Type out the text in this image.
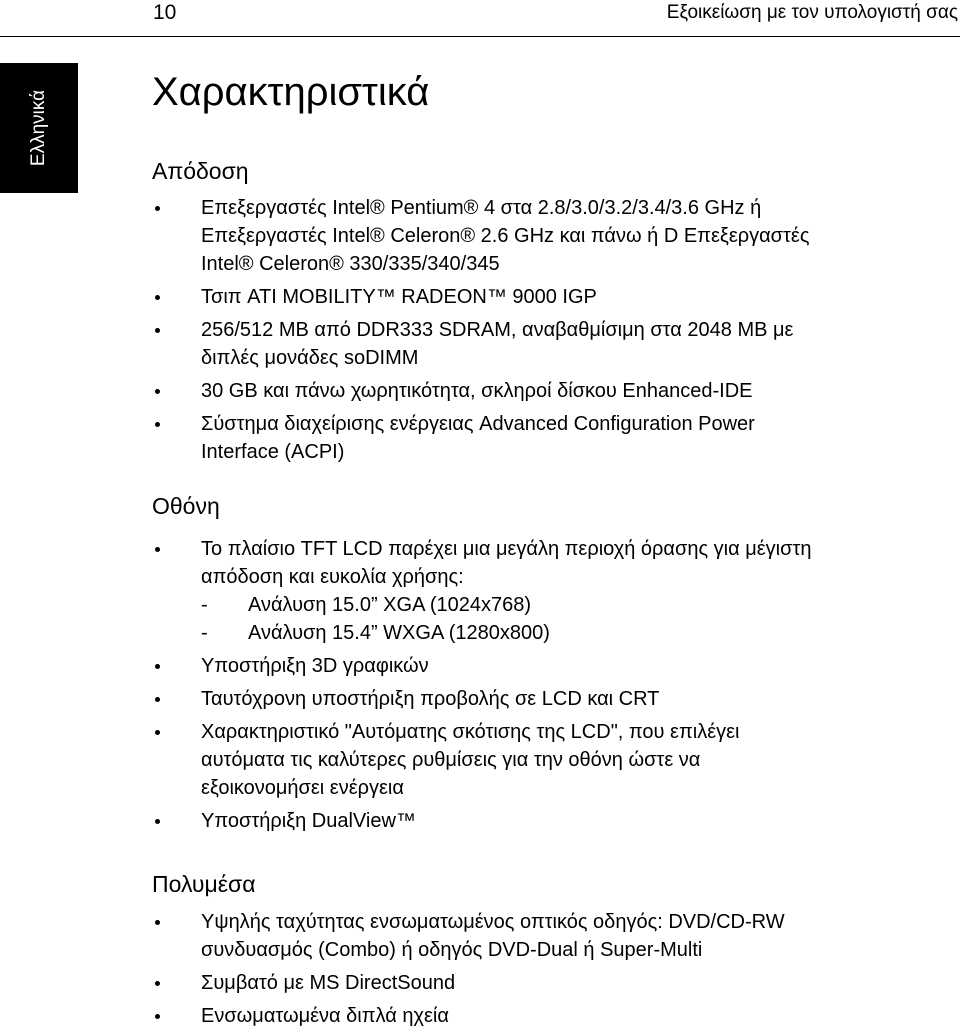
10	Εξοικείωση με τον υπολογιστή σας
Ελληνικά	Χαρακτηριστικά
Απόδοση
Επεξεργαστές Intel® Pentium® 4 στα 2.8/3.0/3.2/3.4/3.6 GHz ή
Επεξεργαστές Intel® Celeron® 2.6 GHz και πάνω ή D Επεξεργαστές
Intel® Celeron® 330/335/340/345
Τσιπ ATI MOBILITY™ RADEON™ 9000 IGP
256/512 MB από DDR333 SDRAM, αναβαθμίσιμη στα 2048 MB με
διπλές μονάδες soDIMM
30 GB και πάνω χωρητικότητα, σκληροί δίσκου Enhanced-IDE
Σύστημα διαχείρισης ενέργειας Advanced Configuration Power
Interface (ACPI)
Οθόνη
Το πλαίσιο TFT LCD παρέχει μια μεγάλη περιοχή όρασης για μέγιστη
απόδοση και ευκολία χρήσης:
- Ανάλυση 15.0” XGA (1024x768)
- Ανάλυση 15.4” WXGA (1280x800)
Υποστήριξη 3D γραφικών
Ταυτόχρονη υποστήριξη προβολής σε LCD και CRT
Χαρακτηριστικό "Αυτόματης σκότισης της LCD", που επιλέγει
αυτόματα τις καλύτερες ρυθμίσεις για την οθόνη ώστε να
εξοικονομήσει ενέργεια
Υποστήριξη DualView™
Πολυμέσα
Υψηλής ταχύτητας ενσωματωμένος οπτικός οδηγός: DVD/CD-RW
συνδυασμός (Combo) ή οδηγός DVD-Dual ή Super-Multi
Συμβατό με MS DirectSound
Ενσωματωμένα διπλά ηχεία
